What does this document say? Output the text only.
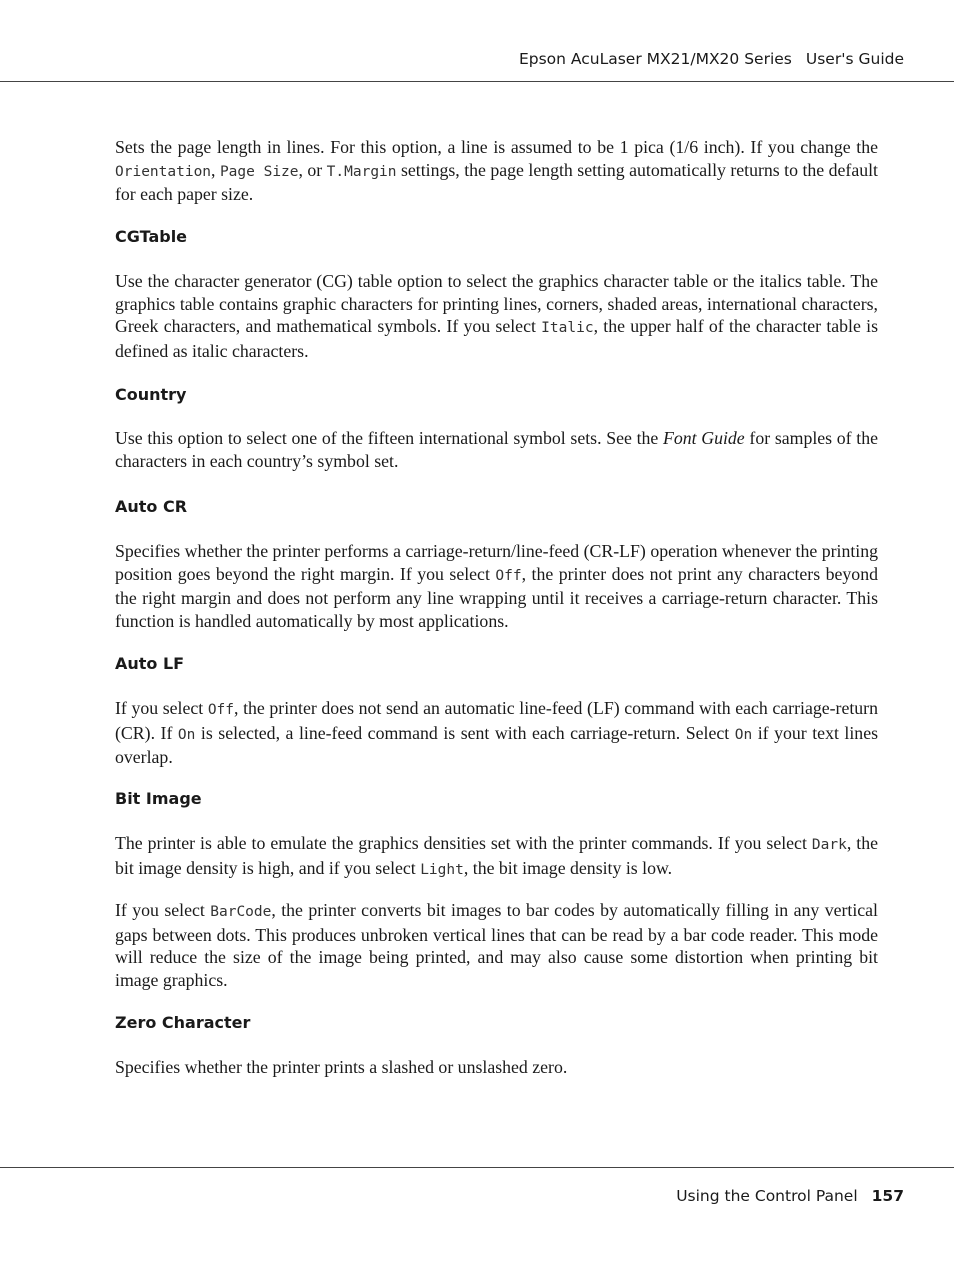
Epson AcuLaser MX21/MX20 Series User's Guide

Sets the page length in lines. For this option, a line is assumed to be 1 pica (1/6 inch). If you change the Orientation, Page Size, or T.Margin settings, the page length setting automatically returns to the default for each paper size.

CGTable

Use the character generator (CG) table option to select the graphics character table or the italics table. The graphics table contains graphic characters for printing lines, corners, shaded areas, international characters, Greek characters, and mathematical symbols. If you select Italic, the upper half of the character table is defined as italic characters.

Country

Use this option to select one of the fifteen international symbol sets. See the Font Guide for samples of the characters in each country’s symbol set.

Auto CR

Specifies whether the printer performs a carriage-return/line-feed (CR-LF) operation whenever the printing position goes beyond the right margin. If you select Off, the printer does not print any characters beyond the right margin and does not perform any line wrapping until it receives a carriage-return character. This function is handled automatically by most applications.

Auto LF

If you select Off, the printer does not send an automatic line-feed (LF) command with each carriage-return (CR). If On is selected, a line-feed command is sent with each carriage-return. Select On if your text lines overlap.

Bit Image

The printer is able to emulate the graphics densities set with the printer commands. If you select Dark, the bit image density is high, and if you select Light, the bit image density is low.

If you select BarCode, the printer converts bit images to bar codes by automatically filling in any vertical gaps between dots. This produces unbroken vertical lines that can be read by a bar code reader. This mode will reduce the size of the image being printed, and may also cause some distortion when printing bit image graphics.

Zero Character

Specifies whether the printer prints a slashed or unslashed zero.

Using the Control Panel 157
